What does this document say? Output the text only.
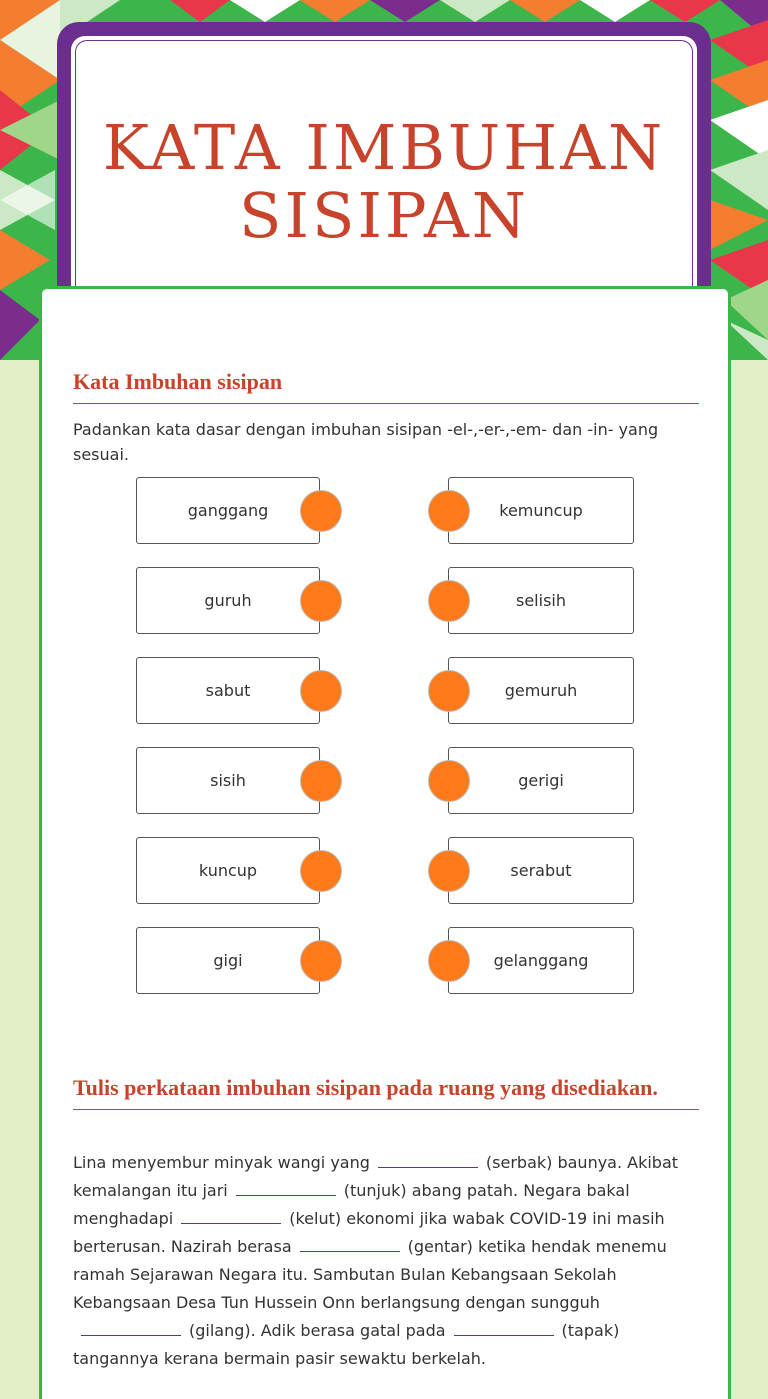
KATA IMBUHAN
SISIPAN
Kata Imbuhan sisipan
Padankan kata dasar dengan imbuhan sisipan -el-,-er-,-em- dan -in- yang sesuai.
ganggang
guruh
sabut
sisih
kuncup
gigi
kemuncup
selisih
gemuruh
gerigi
serabut
gelanggang
Tulis perkataan imbuhan sisipan pada ruang yang disediakan.
Lina menyembur minyak wangi yang	(serbak) baunya. Akibat kemalangan itu jari	(tunjuk) abang patah. Negara bakal menghadapi	(kelut) ekonomi jika wabak COVID-19 ini masih berterusan. Nazirah berasa	(gentar) ketika hendak menemu ramah Sejarawan Negara itu. Sambutan Bulan Kebangsaan Sekolah Kebangsaan Desa Tun Hussein Onn berlangsung dengan sungguh(gilang). Adik berasa gatal pada	(tapak) tangannya kerana bermain pasir sewaktu berkelah.
